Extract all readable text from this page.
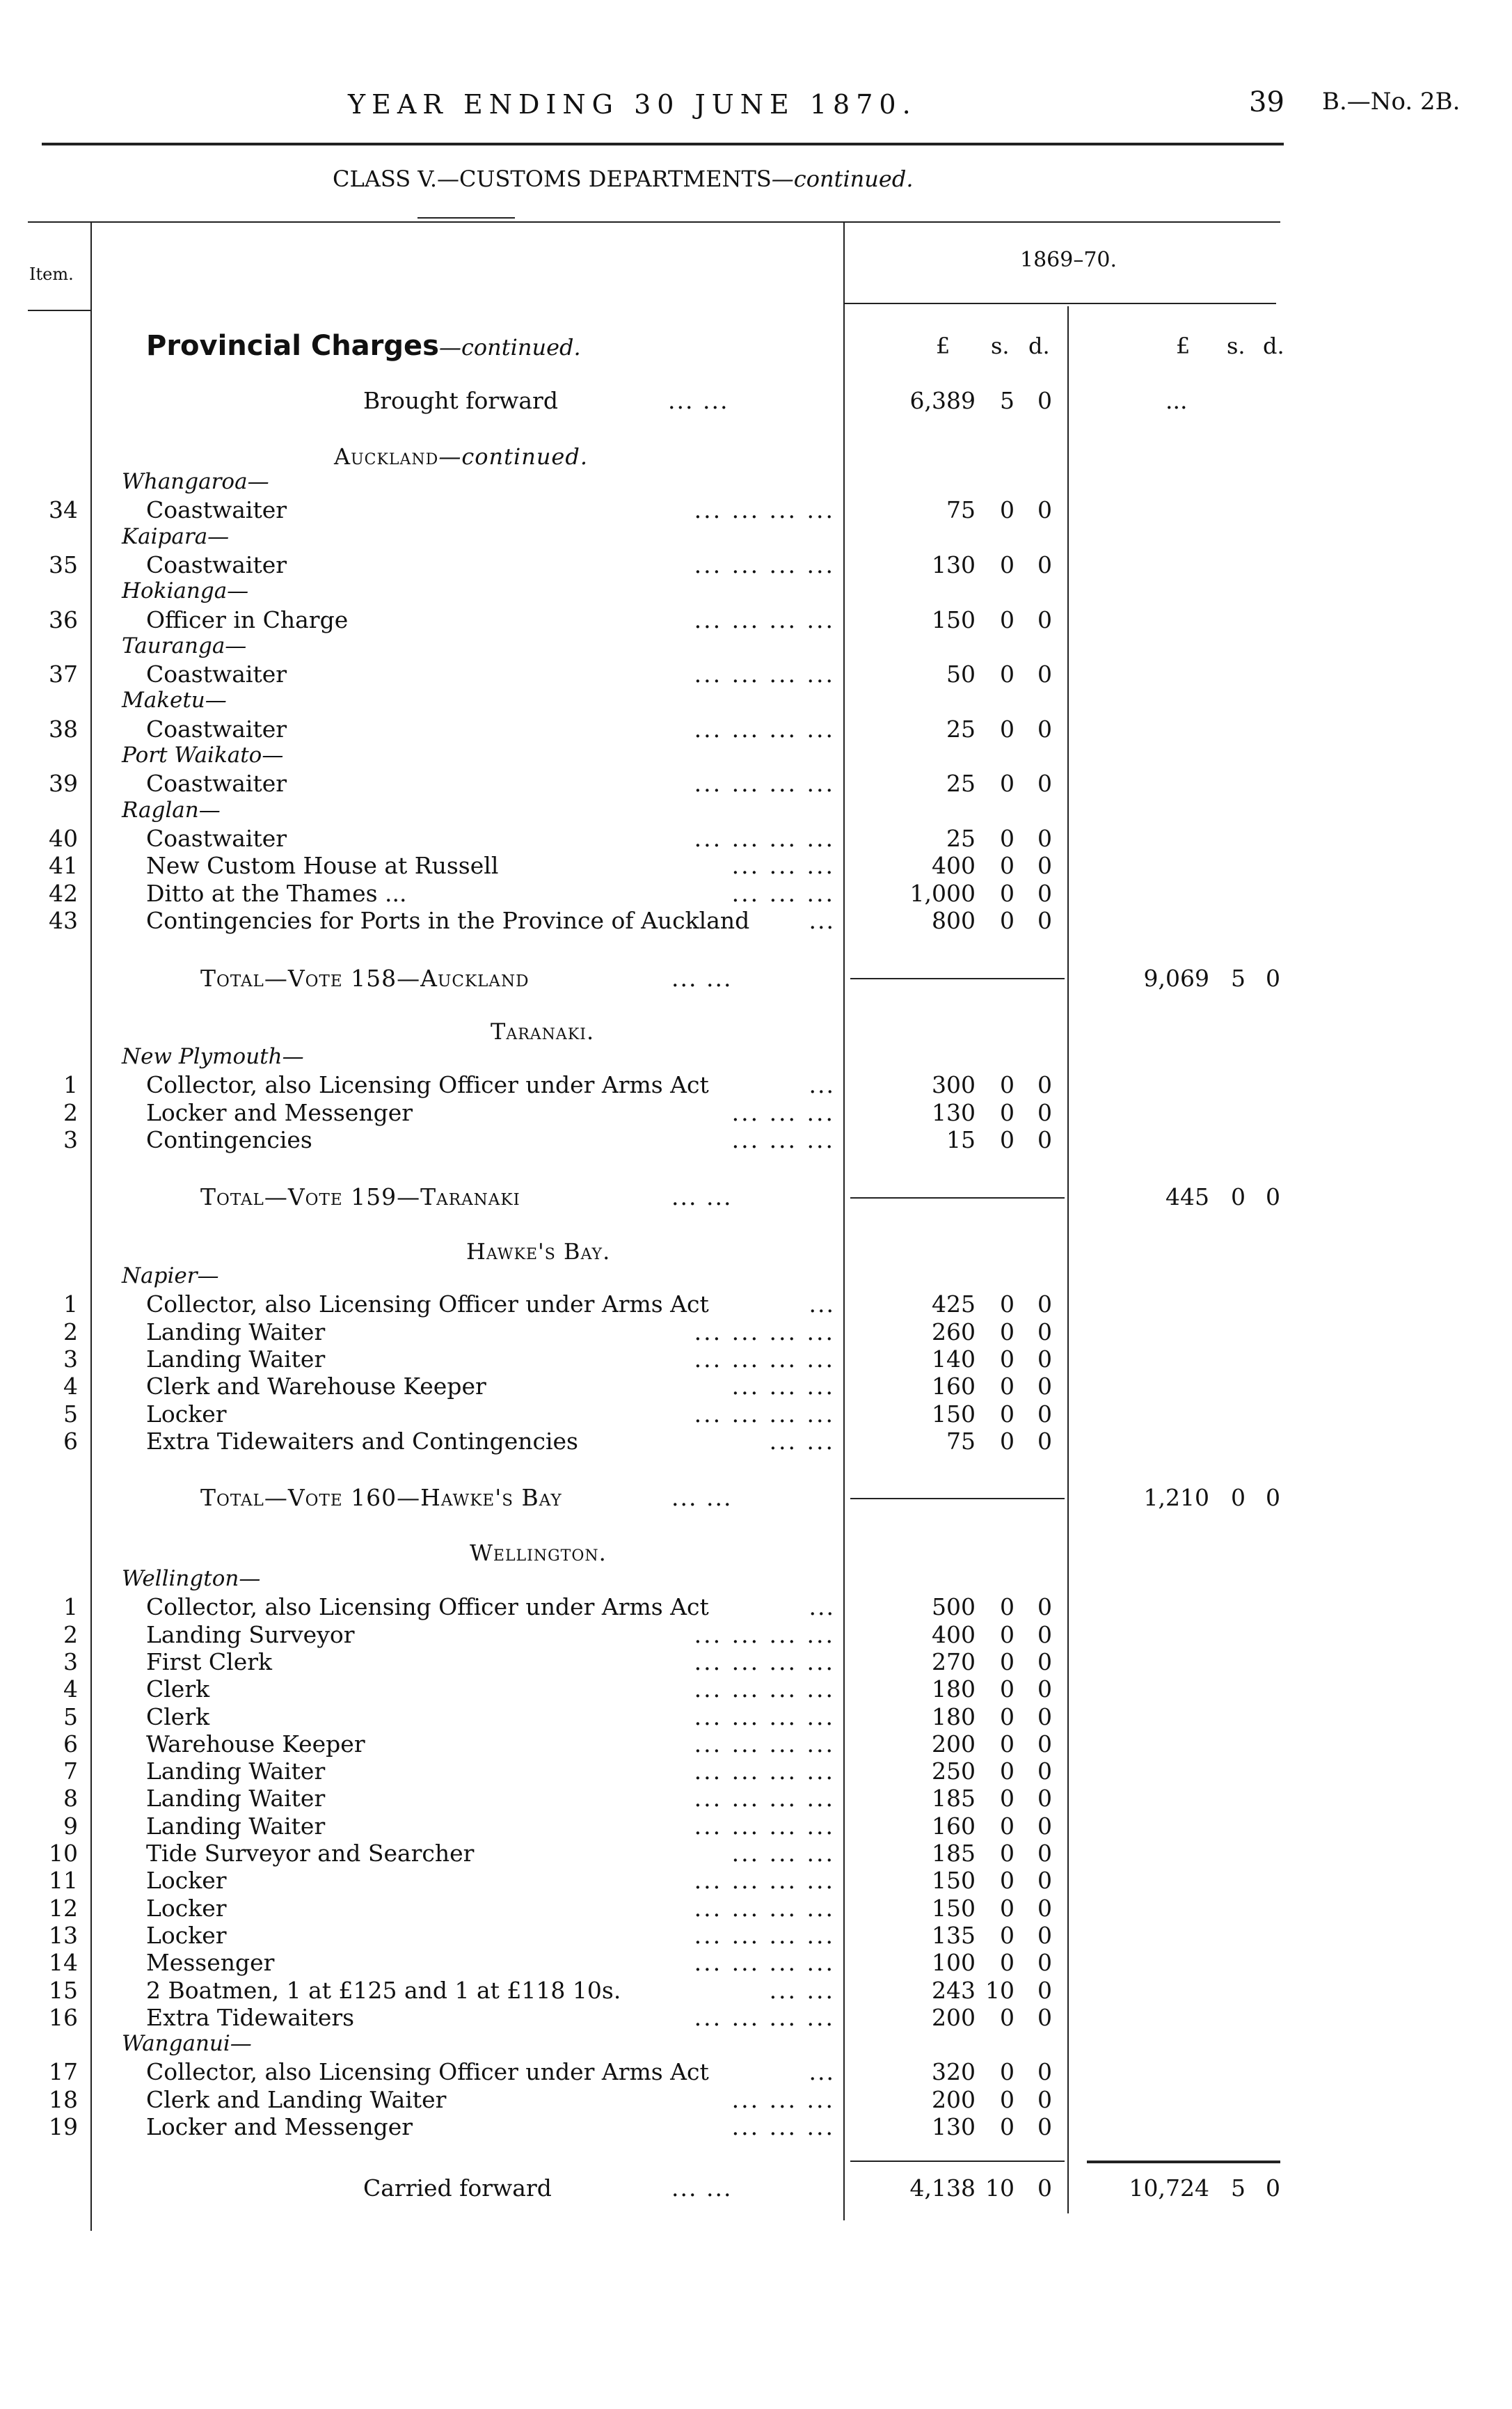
YEAR ENDING 30 JUNE 1870.	39 B.—No. 2B.
CLASS V.—CUSTOMS DEPARTMENTS—continued.
Item.
1869–70.
£ s. d.	£ s. d.
Provincial Charges—continued.
Brought forward	... ...	6,389	5	0	...
Auckland—continued.
Whangaroa—
34	Coastwaiter	... ... ... ...	75	0	0
Kaipara—
35	Coastwaiter	... ... ... ...	130	0	0
Hokianga—
36	Officer in Charge	... ... ... ...	150	0	0
Tauranga—
37	Coastwaiter	... ... ... ...	50	0	0
Maketu—
38	Coastwaiter	... ... ... ...	25	0	0
Port Waikato—
39	Coastwaiter	... ... ... ...	25	0	0
Raglan—
40	Coastwaiter	... ... ... ...	25	0	0
41	New Custom House at Russell	... ... ...	400	0	0
42	Ditto at the Thames ...	... ... ...	1,000	0	0
43	Contingencies for Ports in the Province of Auckland	...	800	0	0
Total—Vote 158—Auckland	... ...	9,069 5 0
Taranaki.
New Plymouth—
1	Collector, also Licensing Officer under Arms Act	...	300	0	0
2	Locker and Messenger	... ... ...	130	0	0
3	Contingencies	... ... ...	15	0	0
Total—Vote 159—Taranaki	... ...	445 0 0
Hawke's Bay.
Napier—
1	Collector, also Licensing Officer under Arms Act	...	425	0	0
2	Landing Waiter	... ... ... ...	260	0	0
3	Landing Waiter	... ... ... ...	140	0	0
4	Clerk and Warehouse Keeper	... ... ...	160	0	0
5	Locker	... ... ... ...	150	0	0
6	Extra Tidewaiters and Contingencies	... ...	75	0	0
Total—Vote 160—Hawke's Bay	... ...	1,210 0 0
Wellington.
Wellington—
1	Collector, also Licensing Officer under Arms Act	...	500	0	0
2	Landing Surveyor	... ... ... ...	400	0	0
3	First Clerk	... ... ... ...	270	0	0
4	Clerk	... ... ... ...	180	0	0
5	Clerk	... ... ... ...	180	0	0
6	Warehouse Keeper	... ... ... ...	200	0	0
7	Landing Waiter	... ... ... ...	250	0	0
8	Landing Waiter	... ... ... ...	185	0	0
9	Landing Waiter	... ... ... ...	160	0	0
10	Tide Surveyor and Searcher	... ... ...	185	0	0
11	Locker	... ... ... ...	150	0	0
12	Locker	... ... ... ...	150	0	0
13	Locker	... ... ... ...	135	0	0
14	Messenger	... ... ... ...	100	0	0
15	2 Boatmen, 1 at £125 and 1 at £118 10s.	... ...	243 10	0
16	Extra Tidewaiters	... ... ... ...	200	0	0
Wanganui—
17	Collector, also Licensing Officer under Arms Act	...	320	0	0
18	Clerk and Landing Waiter	... ... ...	200	0	0
19	Locker and Messenger	... ... ...	130	0	0
Carried forward	... ...	4,138 10	0	10,724 5 0
